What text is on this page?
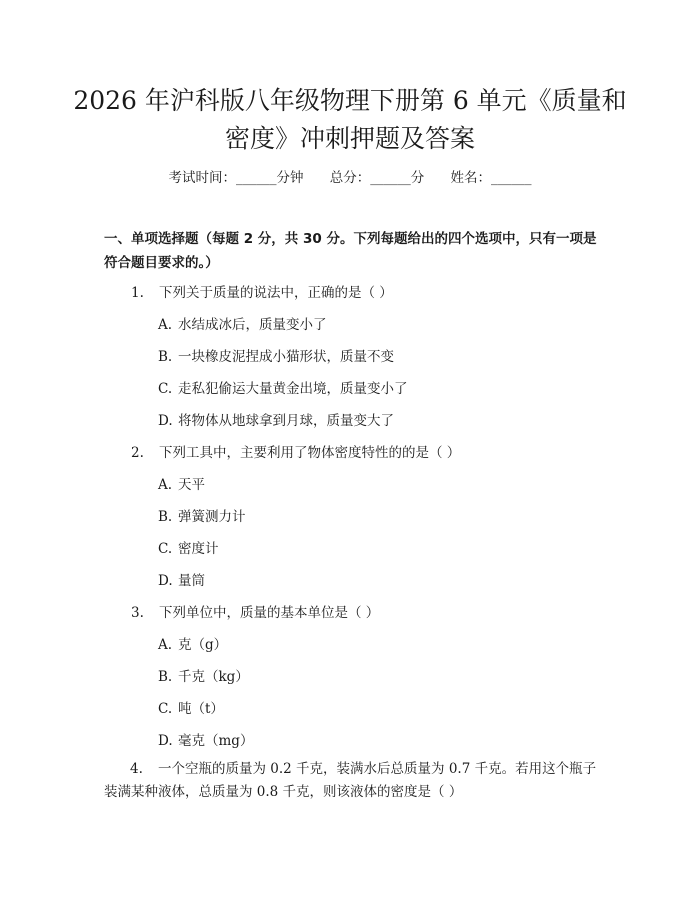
2026 年沪科版八年级物理下册第 6 单元《质量和密度》冲刺押题及答案
考试时间：______分钟 总分：______分 姓名：______

一、单项选择题（每题 2 分，共 30 分。下列每题给出的四个选项中，只有一项是符合题目要求的。）

1. 下列关于质量的说法中，正确的是（ ）
A. 水结成冰后，质量变小了
B. 一块橡皮泥捏成小猫形状，质量不变
C. 走私犯偷运大量黄金出境，质量变小了
D. 将物体从地球拿到月球，质量变大了
2. 下列工具中，主要利用了物体密度特性的的是（ ）
A. 天平
B. 弹簧测力计
C. 密度计
D. 量筒
3. 下列单位中，质量的基本单位是（ ）
A. 克（g）
B. 千克（kg）
C. 吨（t）
D. 毫克（mg）

4. 一个空瓶的质量为 0.2 千克，装满水后总质量为 0.7 千克。若用这个瓶子装满某种液体，总质量为 0.8 千克，则该液体的密度是（ ）
